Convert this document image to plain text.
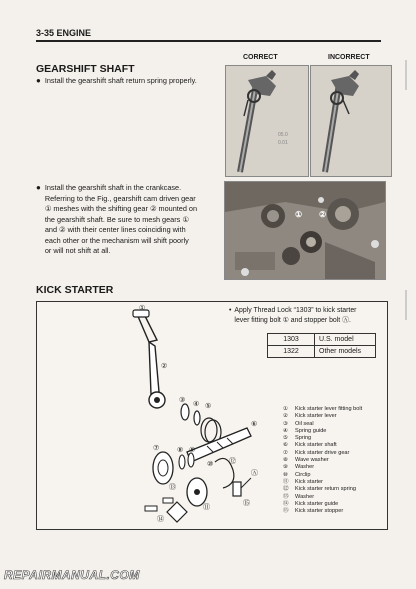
3-35 ENGINE
GEARSHIFT SHAFT
● Install the gearshift shaft return spring properly.
CORRECT	INCORRECT
05.0
0.01
● Install the gearshift shaft in the crankcase.
Referring to the Fig., gearshift cam driven gear
① meshes with the shifting gear ② mounted on
the gearshift shaft. Be sure to mesh gears ①
and ② with their center lines coinciding with
each other or the mechanism will shift poorly
or will not shift at all.
① ②
KICK STARTER
• Apply Thread Lock “1303” to kick starter
lever fitting bolt ① and stopper bolt Ⓐ.
1303	U.S. model
1322	Other models
①
②
③
④ ⑤
⑥
⑦	⑧ ⑨
⑩
⑪
⑫
⑬
⑭
⑮
Ⓐ
①	Kick starter lever fitting bolt
②	Kick starter lever
③	Oil seal
④	Spring guide
⑤	Spring
⑥	Kick starter shaft
⑦	Kick starter drive gear
⑧	Wave washer
⑨	Washer
⑩	Circlip
⑪	Kick starter
⑫	Kick starter return spring
⑬	Washer
⑭	Kick starter guide
⑮	Kick starter stopper
REPAIRMANUAL.COM
